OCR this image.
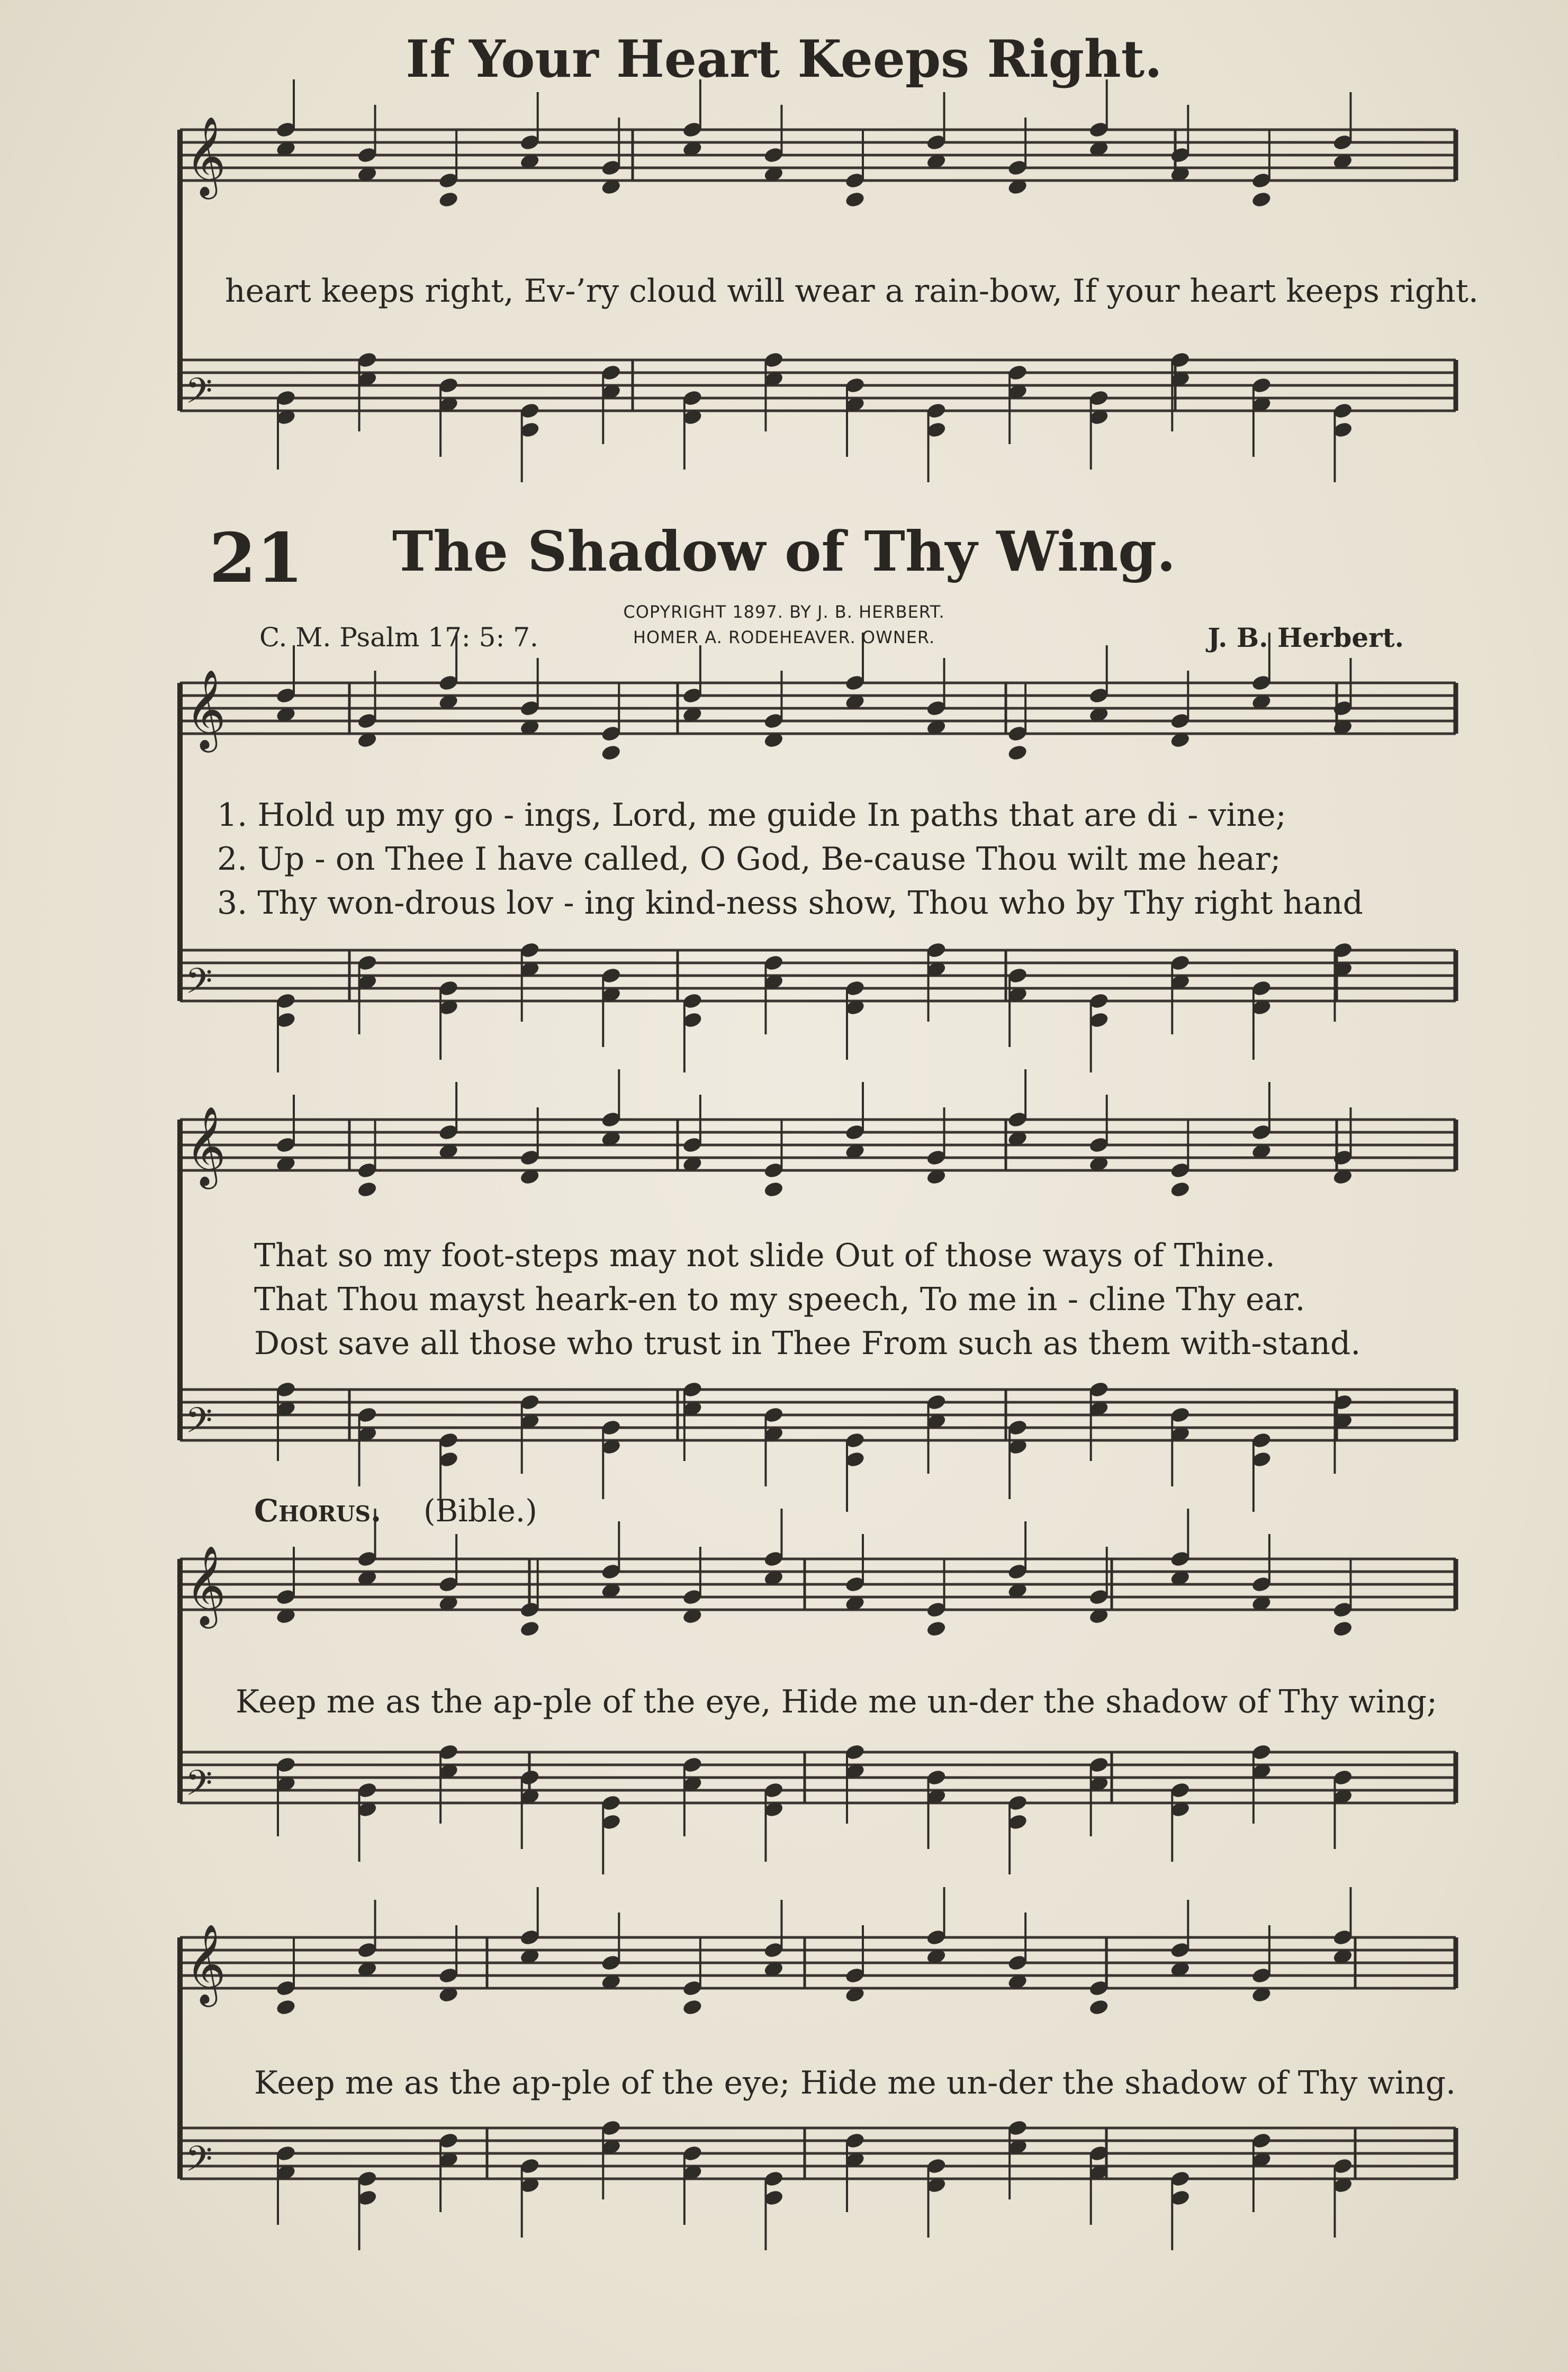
𝄞
𝄢
𝄞
𝄢
𝄞
𝄢
𝄞
𝄢
𝄞
𝄢
If Your Heart Keeps Right.
heart keeps right, Ev-’ry cloud will wear a rain-bow, If your heart keeps right.
21	The Shadow of Thy Wing.
C. M. Psalm 17: 5: 7.
COPYRIGHT 1897. BY J. B. HERBERT.
HOMER A. RODEHEAVER. OWNER.	J. B. Herbert.
1. Hold up my go - ings, Lord, me guide In paths that are di - vine;
2. Up - on Thee I have called, O God, Be-cause Thou wilt me hear;
3. Thy won-drous lov - ing kind-ness show, Thou who by Thy right hand
That so my foot-steps may not slide Out of those ways of Thine.
That Thou mayst heark-en to my speech, To me in - cline Thy ear.
Dost save all those who trust in Thee From such as them with-stand.
Chorus. (Bible.)
Keep me as the ap-ple of the eye, Hide me un-der the shadow of Thy wing;
Keep me as the ap-ple of the eye; Hide me un-der the shadow of Thy wing.
